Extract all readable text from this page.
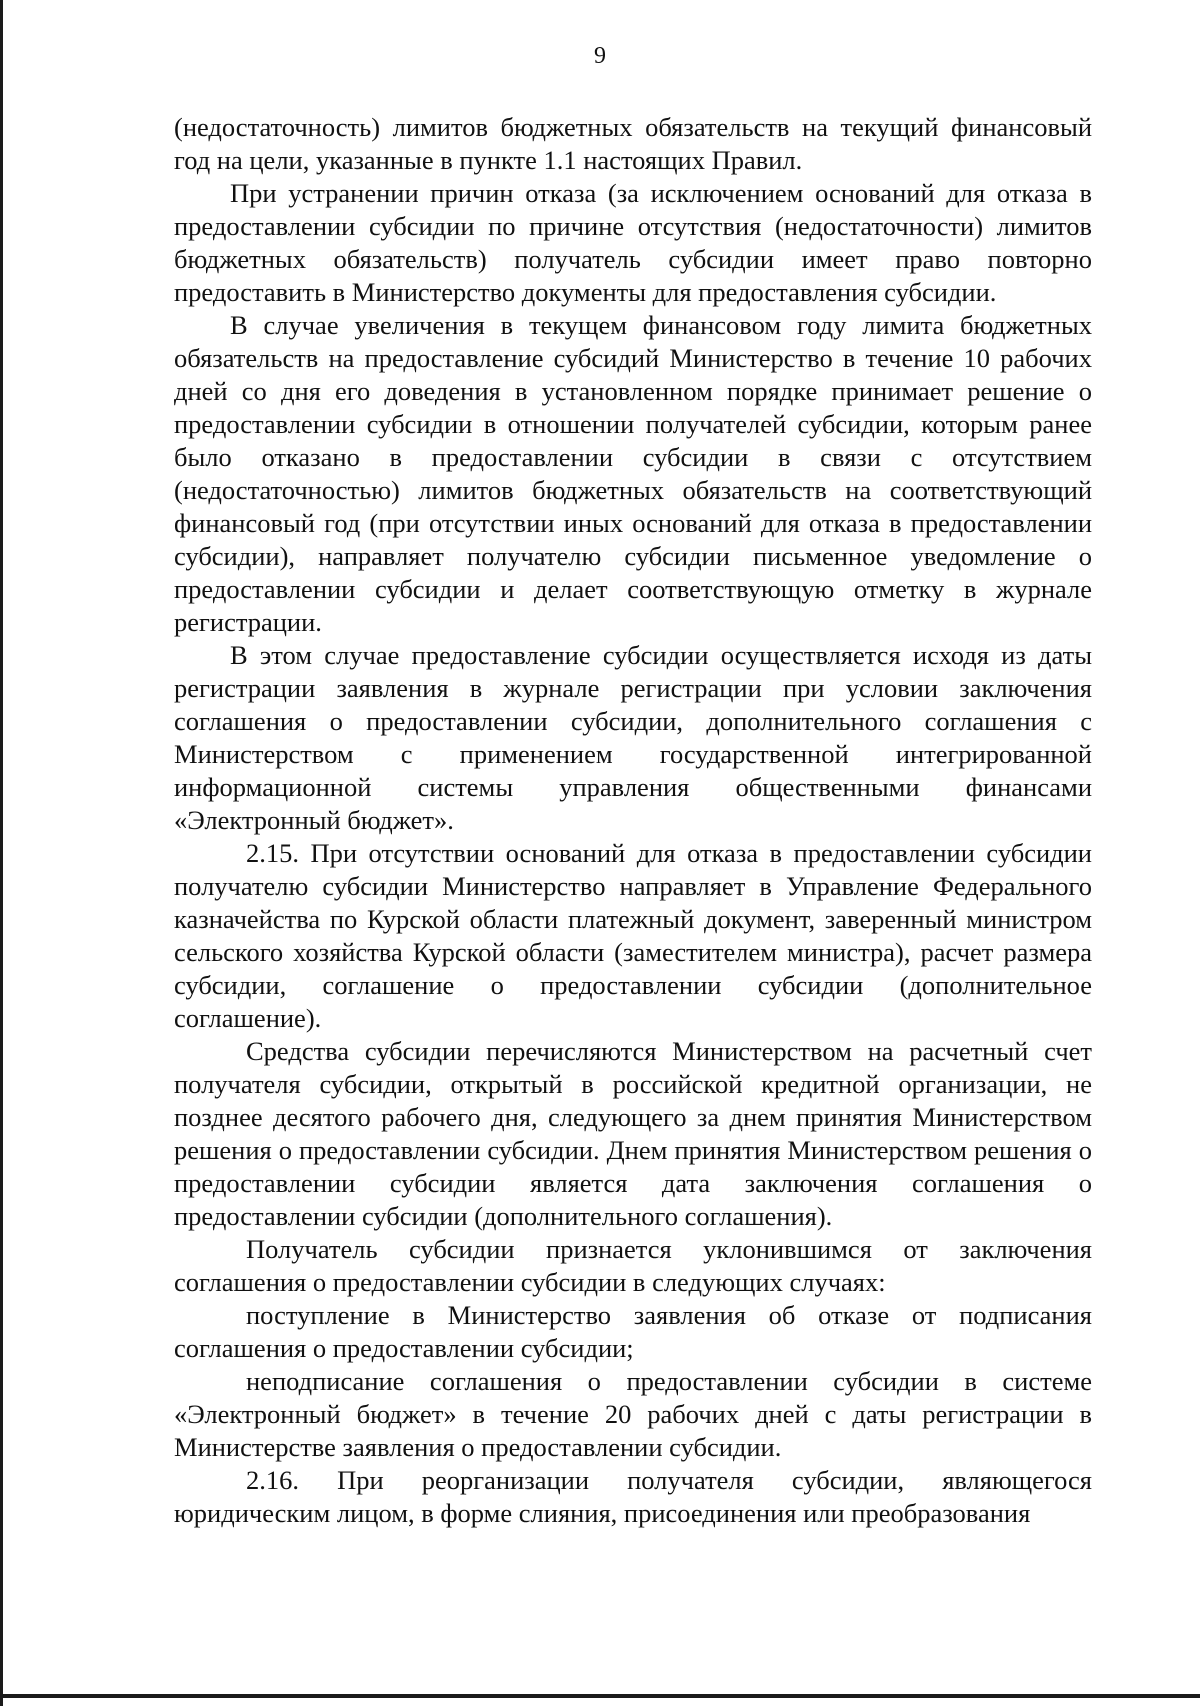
9

(недостаточность) лимитов бюджетных обязательств на текущий финансовый год на цели, указанные в пункте 1.1 настоящих Правил.

При устранении причин отказа (за исключением оснований для отказа в предоставлении субсидии по причине отсутствия (недостаточности) лимитов бюджетных обязательств) получатель субсидии имеет право повторно предоставить в Министерство документы для предоставления субсидии.

В случае увеличения в текущем финансовом году лимита бюджетных обязательств на предоставление субсидий Министерство в течение 10 рабочих дней со дня его доведения в установленном порядке принимает решение о предоставлении субсидии в отношении получателей субсидии, которым ранее было отказано в предоставлении субсидии в связи с отсутствием (недостаточностью) лимитов бюджетных обязательств на соответствующий финансовый год (при отсутствии иных оснований для отказа в предоставлении субсидии), направляет получателю субсидии письменное уведомление о предоставлении субсидии и делает соответствующую отметку в журнале регистрации.

В этом случае предоставление субсидии осуществляется исходя из даты регистрации заявления в журнале регистрации при условии заключения соглашения о предоставлении субсидии, дополнительного соглашения с Министерством с применением государственной интегрированной информационной системы управления общественными финансами «Электронный бюджет».

2.15. При отсутствии оснований для отказа в предоставлении субсидии получателю субсидии Министерство направляет в Управление Федерального казначейства по Курской области платежный документ, заверенный министром сельского хозяйства Курской области (заместителем министра), расчет размера субсидии, соглашение о предоставлении субсидии (дополнительное соглашение).

Средства субсидии перечисляются Министерством на расчетный счет получателя субсидии, открытый в российской кредитной организации, не позднее десятого рабочего дня, следующего за днем принятия Министерством решения о предоставлении субсидии. Днем принятия Министерством решения о предоставлении субсидии является дата заключения соглашения о предоставлении субсидии (дополнительного соглашения).

Получатель субсидии признается уклонившимся от заключения соглашения о предоставлении субсидии в следующих случаях:

поступление в Министерство заявления об отказе от подписания соглашения о предоставлении субсидии;

неподписание соглашения о предоставлении субсидии в системе «Электронный бюджет» в течение 20 рабочих дней с даты регистрации в Министерстве заявления о предоставлении субсидии.

2.16. При реорганизации получателя субсидии, являющегося юридическим лицом, в форме слияния, присоединения или преобразования
